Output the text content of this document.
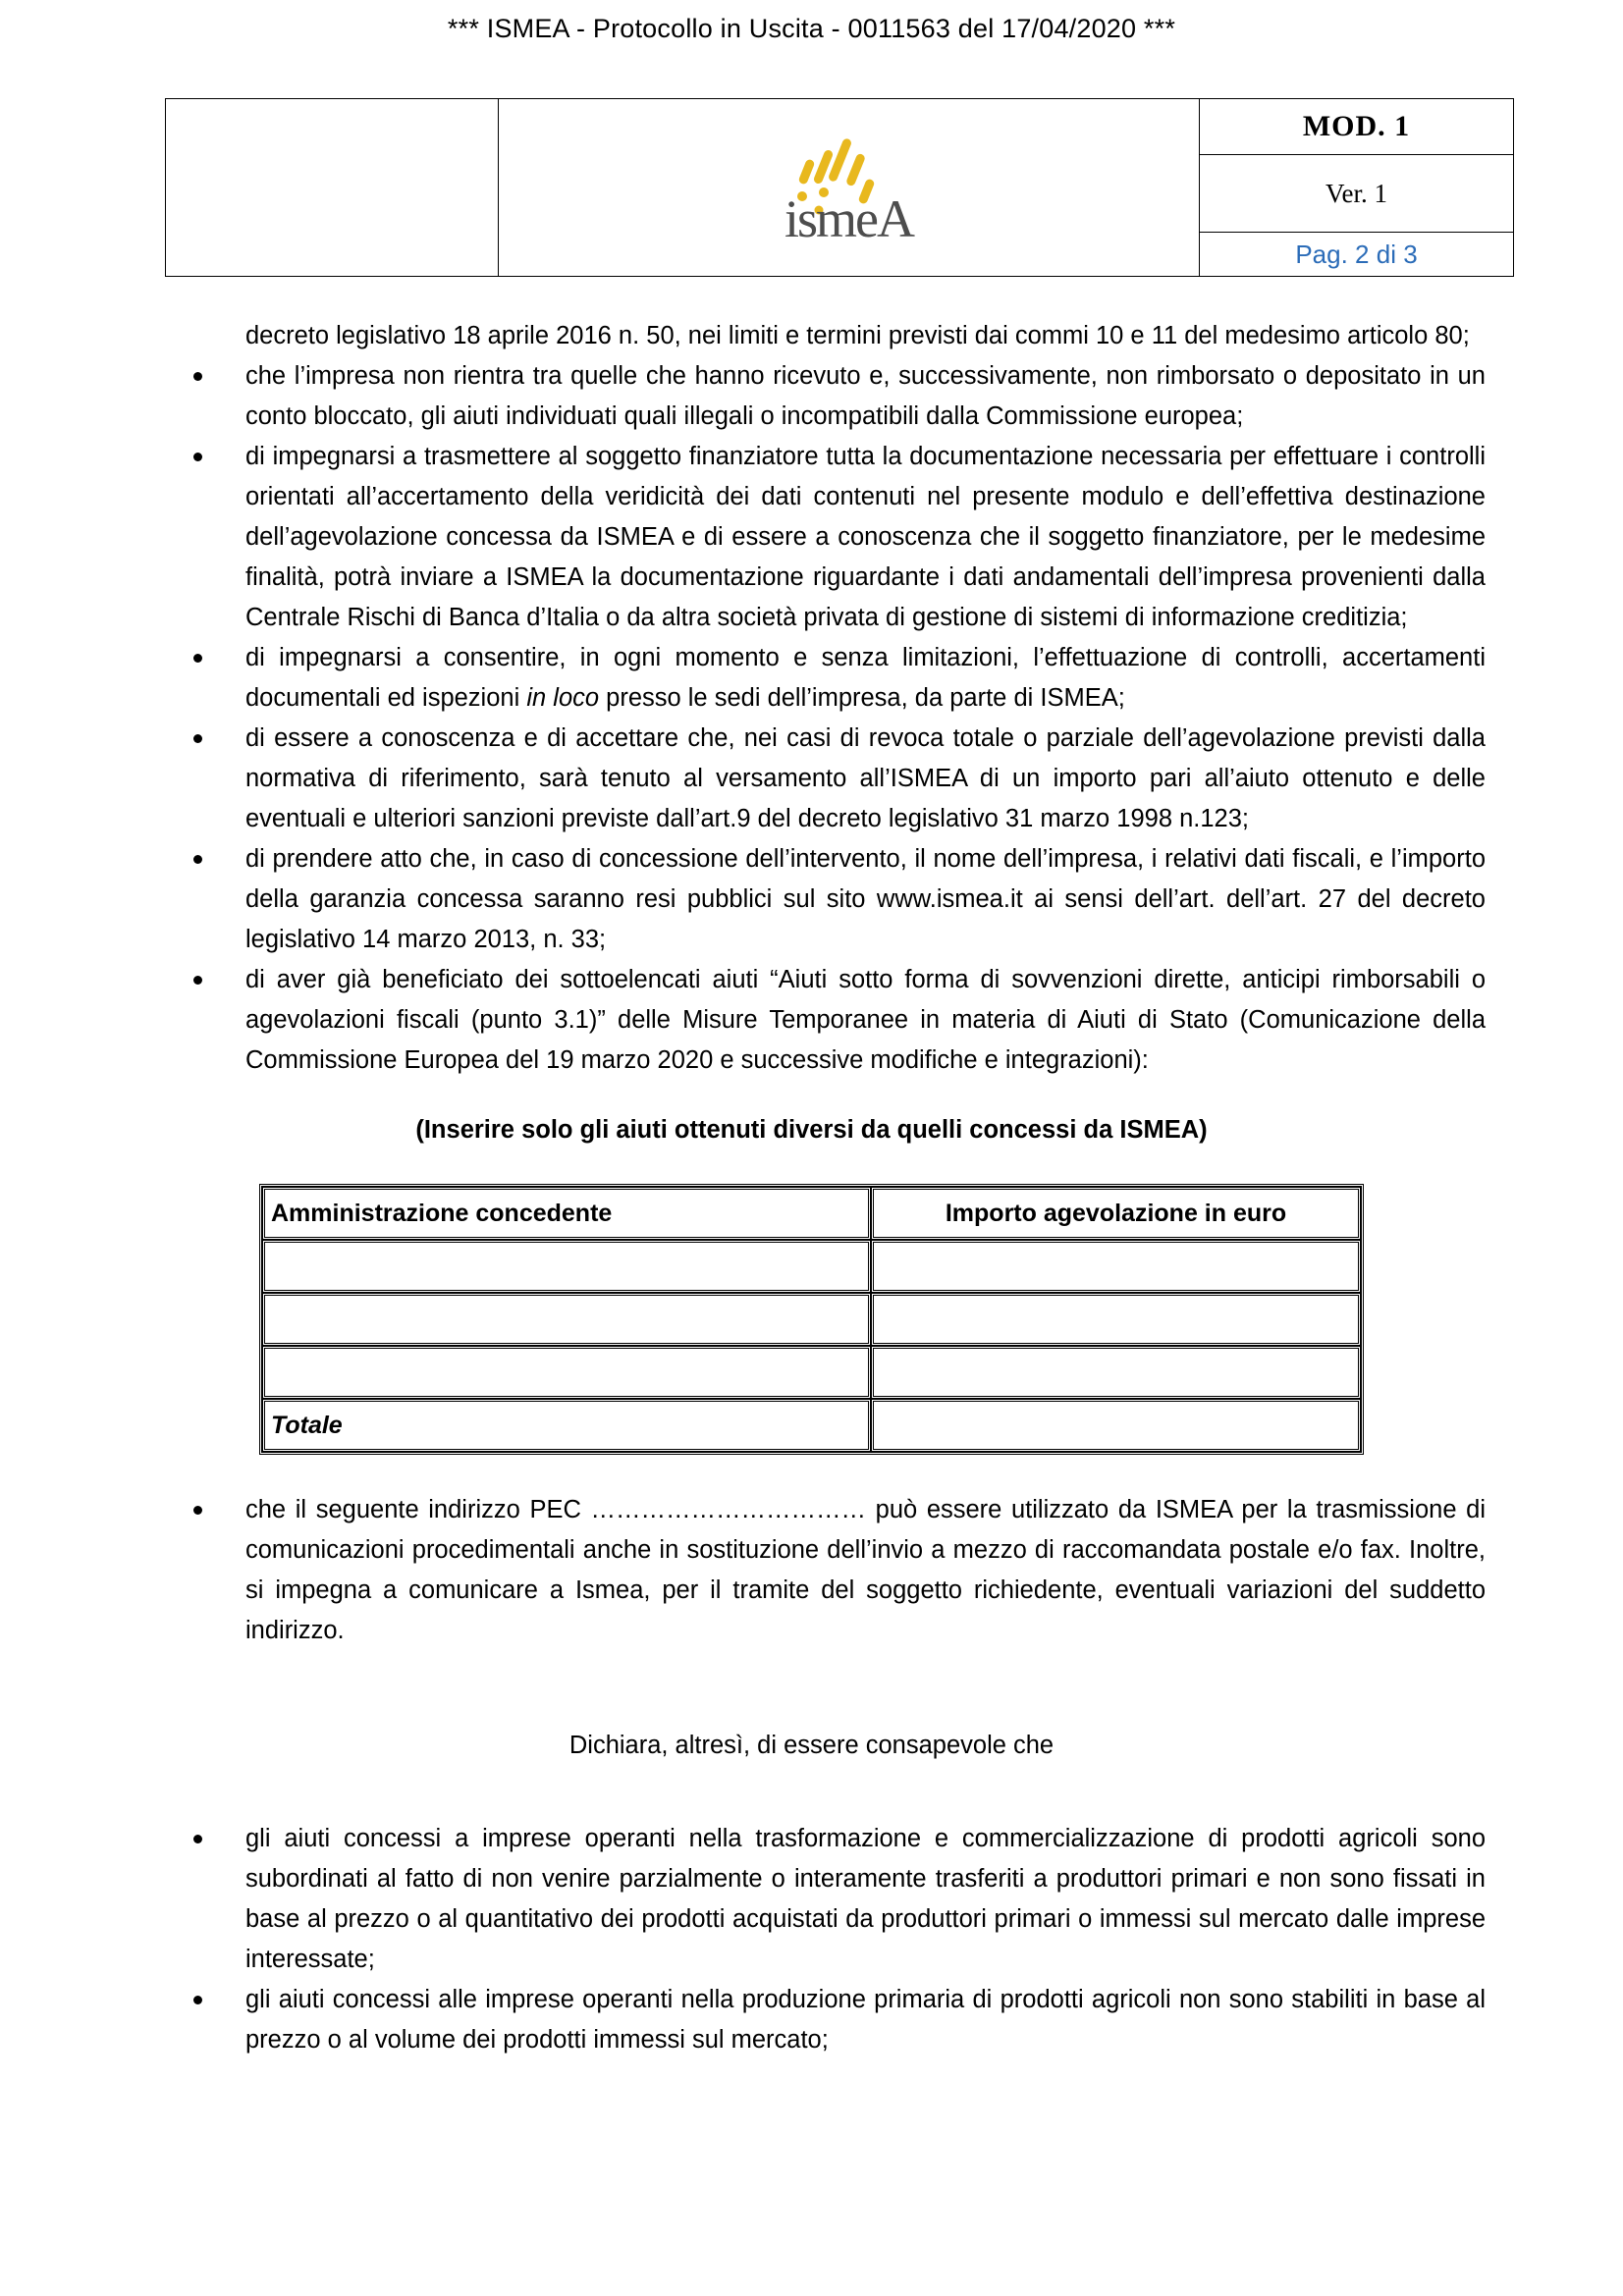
*** ISMEA - Protocollo in Uscita - 0011563 del 17/04/2020 ***

ismeA

MOD. 1
Ver. 1
Pag. 2 di 3
decreto legislativo 18 aprile 2016 n. 50, nei limiti e termini previsti dai commi 10 e 11 del medesimo articolo 80;
che l’impresa non rientra tra quelle che hanno ricevuto e, successivamente, non rimborsato o depositato in un conto bloccato, gli aiuti individuati quali illegali o incompatibili dalla Commissione europea;
di impegnarsi a trasmettere al soggetto finanziatore tutta la documentazione necessaria per effettuare i controlli orientati all’accertamento della veridicità dei dati contenuti nel presente modulo e dell’effettiva destinazione dell’agevolazione concessa da ISMEA e di essere a conoscenza che il soggetto finanziatore, per le medesime finalità, potrà inviare a ISMEA la documentazione riguardante i dati andamentali dell’impresa provenienti dalla Centrale Rischi di Banca d’Italia o da altra società privata di gestione di sistemi di informazione creditizia;
di impegnarsi a consentire, in ogni momento e senza limitazioni, l’effettuazione di controlli, accertamenti documentali ed ispezioni in loco presso le sedi dell’impresa, da parte di ISMEA;
di essere a conoscenza e di accettare che, nei casi di revoca totale o parziale dell’agevolazione previsti dalla normativa di riferimento, sarà tenuto al versamento all’ISMEA di un importo pari all’aiuto ottenuto e delle eventuali e ulteriori sanzioni previste dall’art.9 del decreto legislativo 31 marzo 1998 n.123;
di prendere atto che, in caso di concessione dell’intervento, il nome dell’impresa, i relativi dati fiscali, e l’importo della garanzia concessa saranno resi pubblici sul sito www.ismea.it ai sensi dell’art. dell’art. 27 del decreto legislativo 14 marzo 2013, n. 33;
di aver già beneficiato dei sottoelencati aiuti “Aiuti sotto forma di sovvenzioni dirette, anticipi rimborsabili o agevolazioni fiscali (punto 3.1)” delle Misure Temporanee in materia di Aiuti di Stato (Comunicazione della Commissione Europea del 19 marzo 2020 e successive modifiche e integrazioni):
(Inserire solo gli aiuti ottenuti diversi da quelli concessi da ISMEA)
Amministrazione concedente	Importo agevolazione in euro

Totale	
che il seguente indirizzo PEC …………………………… può essere utilizzato da ISMEA per la trasmissione di comunicazioni procedimentali anche in sostituzione dell’invio a mezzo di raccomandata postale e/o fax. Inoltre, si impegna a comunicare a Ismea, per il tramite del soggetto richiedente, eventuali variazioni del suddetto indirizzo.
Dichiara, altresì, di essere consapevole che
gli aiuti concessi a imprese operanti nella trasformazione e commercializzazione di prodotti agricoli sono subordinati al fatto di non venire parzialmente o interamente trasferiti a produttori primari e non sono fissati in base al prezzo o al quantitativo dei prodotti acquistati da produttori primari o immessi sul mercato dalle imprese interessate;
gli aiuti concessi alle imprese operanti nella produzione primaria di prodotti agricoli non sono stabiliti in base al prezzo o al volume dei prodotti immessi sul mercato;
